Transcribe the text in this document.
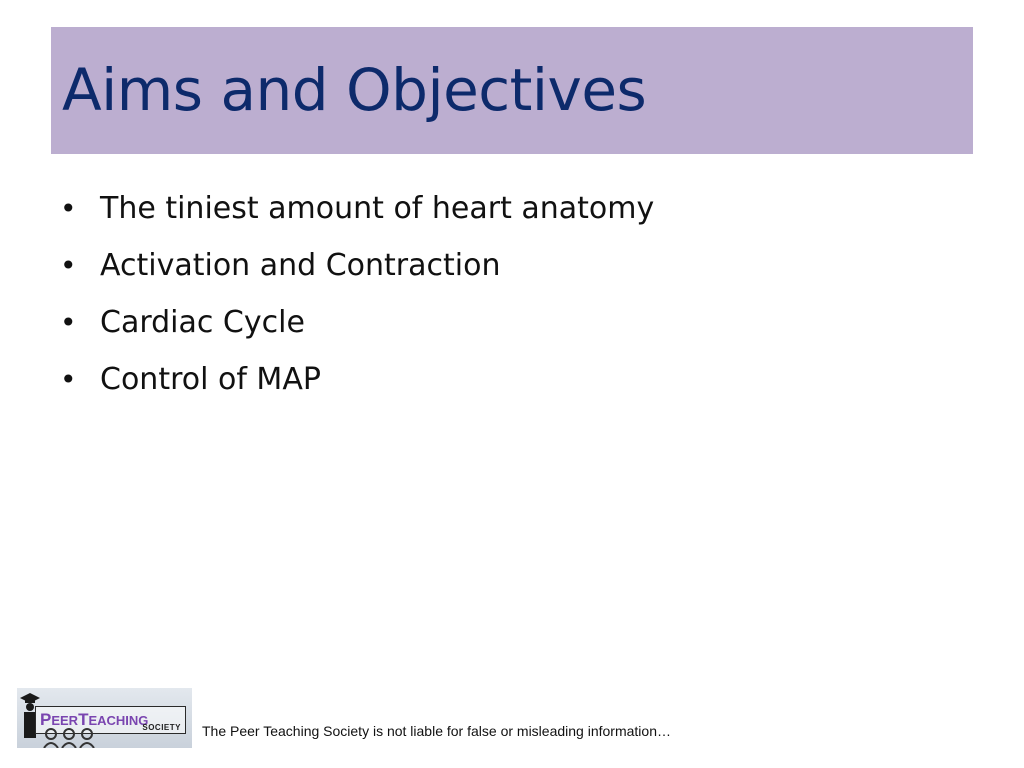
Aims and Objectives
• The tiniest amount of heart anatomy
• Activation and Contraction
• Cardiac Cycle
• Control of MAP
PEERTEACHING
SOCIETY The Peer Teaching Society is not liable for false or misleading information…
